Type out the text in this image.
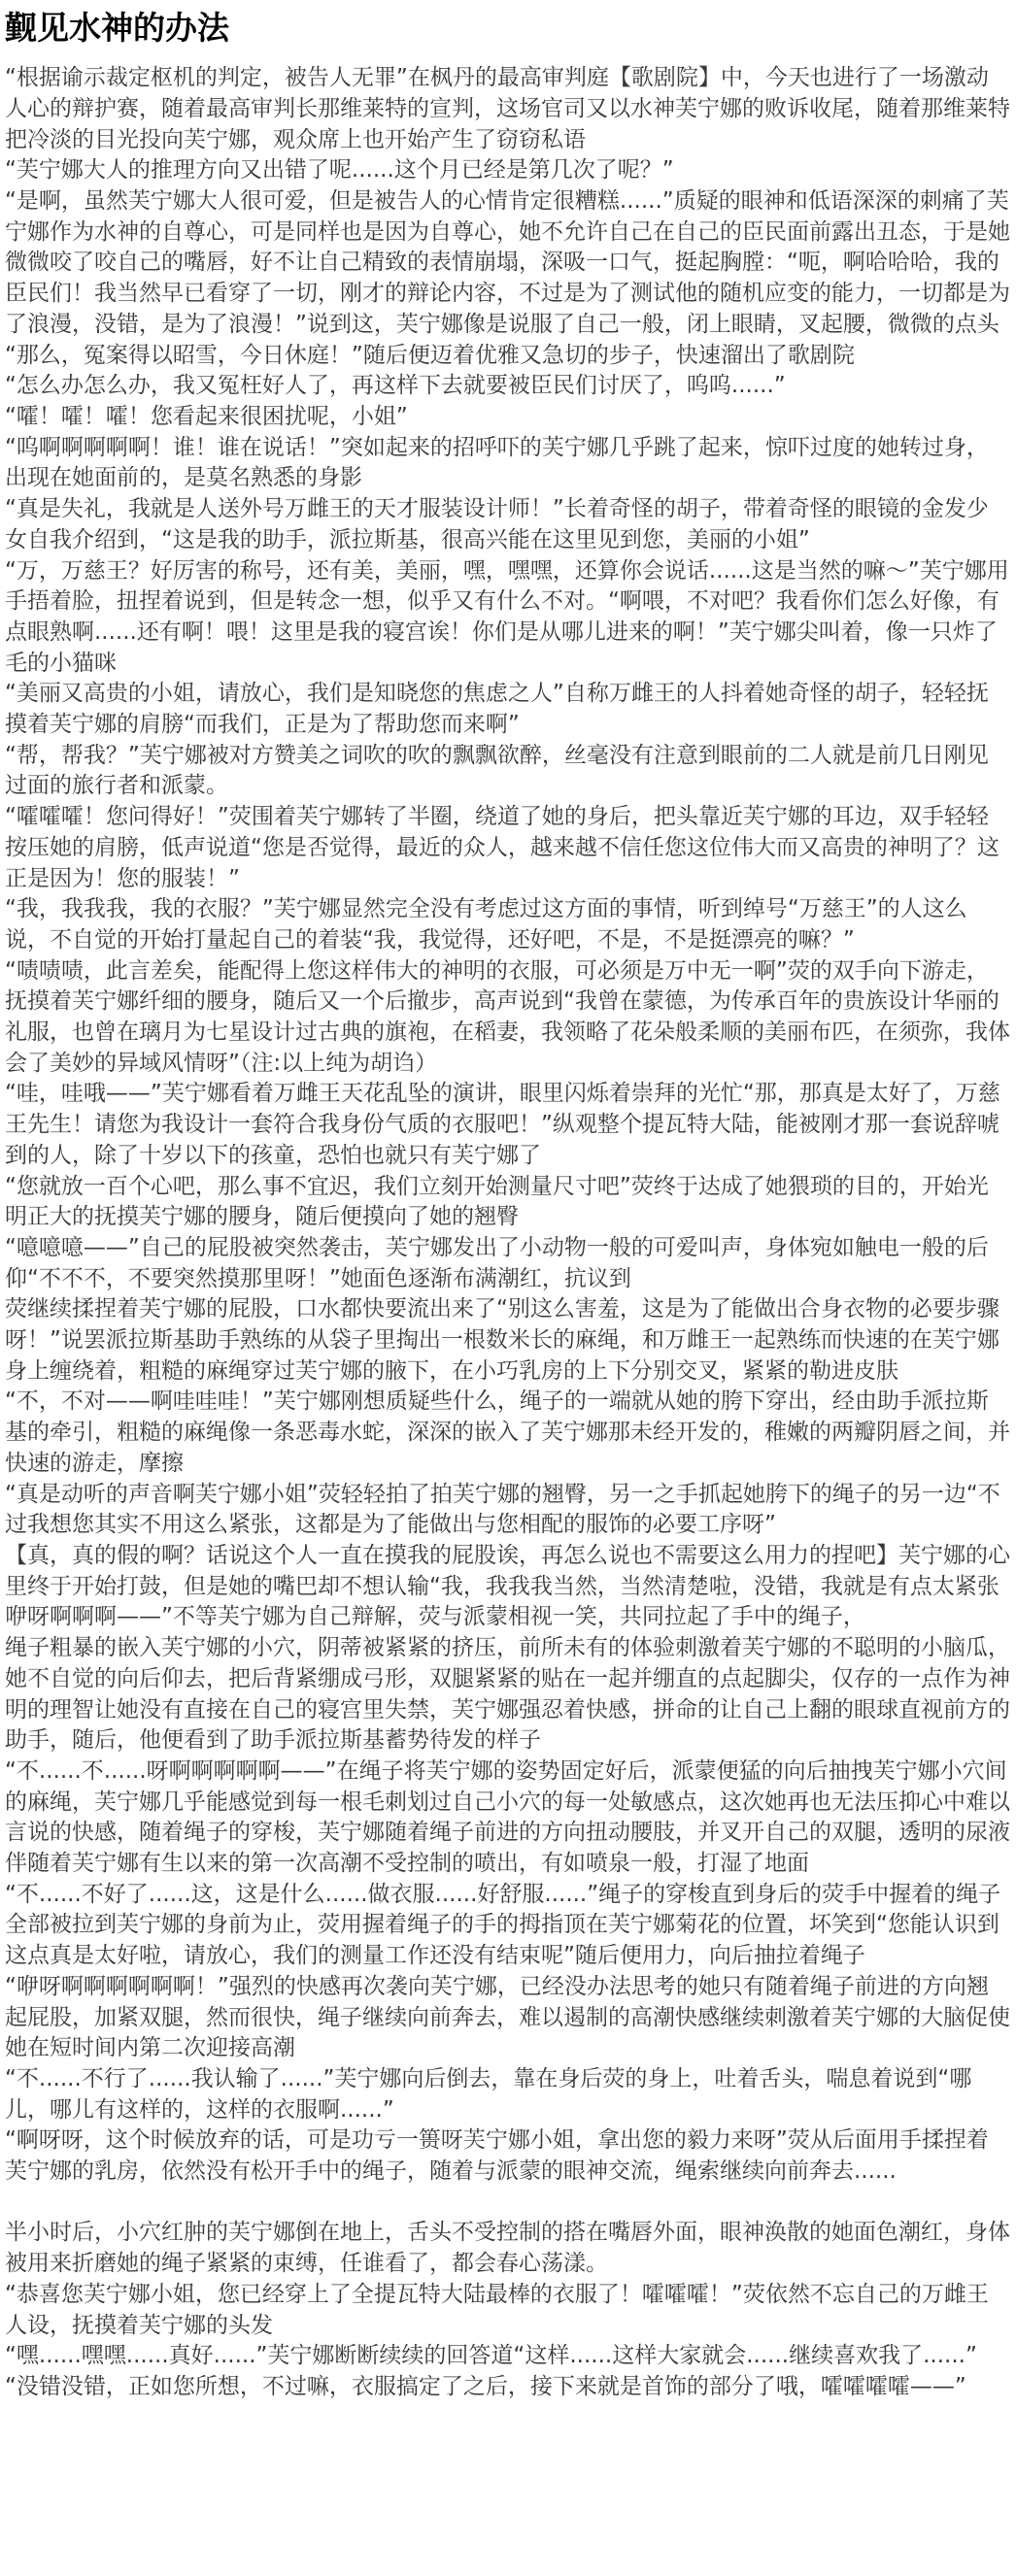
觐见水神的办法

“根据谕示裁定枢机的判定，被告人无罪”在枫丹的最高审判庭【歌剧院】中，今天也进行了一场激动人心的辩护赛，随着最高审判长那维莱特的宣判，这场官司又以水神芙宁娜的败诉收尾，随着那维莱特把冷淡的目光投向芙宁娜，观众席上也开始产生了窃窃私语

“芙宁娜大人的推理方向又出错了呢......这个月已经是第几次了呢？”

“是啊，虽然芙宁娜大人很可爱，但是被告人的心情肯定很糟糕......”质疑的眼神和低语深深的刺痛了芙宁娜作为水神的自尊心，可是同样也是因为自尊心，她不允许自己在自己的臣民面前露出丑态，于是她微微咬了咬自己的嘴唇，好不让自己精致的表情崩塌，深吸一口气，挺起胸膛：“呃，啊哈哈哈，我的臣民们！我当然早已看穿了一切，刚才的辩论内容，不过是为了测试他的随机应变的能力，一切都是为了浪漫，没错，是为了浪漫！”说到这，芙宁娜像是说服了自己一般，闭上眼睛，叉起腰，微微的点头“那么，冤案得以昭雪，今日休庭！”随后便迈着优雅又急切的步子，快速溜出了歌剧院

“怎么办怎么办，我又冤枉好人了，再这样下去就要被臣民们讨厌了，呜呜......”

“嚯！嚯！嚯！您看起来很困扰呢，小姐”

“呜啊啊啊啊啊！谁！谁在说话！”突如起来的招呼吓的芙宁娜几乎跳了起来，惊吓过度的她转过身，出现在她面前的，是莫名熟悉的身影

“真是失礼，我就是人送外号万雌王的天才服装设计师！”长着奇怪的胡子，带着奇怪的眼镜的金发少女自我介绍到，“这是我的助手，派拉斯基，很高兴能在这里见到您，美丽的小姐”

“万，万慈王？好厉害的称号，还有美，美丽，嘿，嘿嘿，还算你会说话......这是当然的嘛～”芙宁娜用手捂着脸，扭捏着说到，但是转念一想，似乎又有什么不对。“啊喂，不对吧？我看你们怎么好像，有点眼熟啊......还有啊！喂！这里是我的寝宫诶！你们是从哪儿进来的啊！”芙宁娜尖叫着，像一只炸了毛的小猫咪

“美丽又高贵的小姐，请放心，我们是知晓您的焦虑之人”自称万雌王的人抖着她奇怪的胡子，轻轻抚摸着芙宁娜的肩膀“而我们，正是为了帮助您而来啊”

“帮，帮我？”芙宁娜被对方赞美之词吹的吹的飘飘欲醉，丝毫没有注意到眼前的二人就是前几日刚见过面的旅行者和派蒙。

“嚯嚯嚯！您问得好！”荧围着芙宁娜转了半圈，绕道了她的身后，把头靠近芙宁娜的耳边，双手轻轻按压她的肩膀，低声说道“您是否觉得，最近的众人，越来越不信任您这位伟大而又高贵的神明了？这正是因为！您的服装！”

“我，我我我，我的衣服？”芙宁娜显然完全没有考虑过这方面的事情，听到绰号“万慈王”的人这么说，不自觉的开始打量起自己的着装“我，我觉得，还好吧，不是，不是挺漂亮的嘛？”

“啧啧啧，此言差矣，能配得上您这样伟大的神明的衣服，可必须是万中无一啊”荧的双手向下游走，抚摸着芙宁娜纤细的腰身，随后又一个后撤步，高声说到“我曾在蒙德，为传承百年的贵族设计华丽的礼服，也曾在璃月为七星设计过古典的旗袍，在稻妻，我领略了花朵般柔顺的美丽布匹，在须弥，我体会了美妙的异域风情呀”（注:以上纯为胡诌）

“哇，哇哦——”芙宁娜看着万雌王天花乱坠的演讲，眼里闪烁着崇拜的光忙“那，那真是太好了，万慈王先生！请您为我设计一套符合我身份气质的衣服吧！”纵观整个提瓦特大陆，能被刚才那一套说辞唬到的人，除了十岁以下的孩童，恐怕也就只有芙宁娜了

“您就放一百个心吧，那么事不宜迟，我们立刻开始测量尺寸吧”荧终于达成了她猥琐的目的，开始光明正大的抚摸芙宁娜的腰身，随后便摸向了她的翘臀

“噫噫噫——”自己的屁股被突然袭击，芙宁娜发出了小动物一般的可爱叫声，身体宛如触电一般的后仰“不不不，不要突然摸那里呀！”她面色逐渐布满潮红，抗议到

荧继续揉捏着芙宁娜的屁股，口水都快要流出来了“别这么害羞，这是为了能做出合身衣物的必要步骤呀！”说罢派拉斯基助手熟练的从袋子里掏出一根数米长的麻绳，和万雌王一起熟练而快速的在芙宁娜身上缠绕着，粗糙的麻绳穿过芙宁娜的腋下，在小巧乳房的上下分别交叉，紧紧的勒进皮肤

“不，不对——啊哇哇哇！”芙宁娜刚想质疑些什么，绳子的一端就从她的胯下穿出，经由助手派拉斯基的牵引，粗糙的麻绳像一条恶毒水蛇，深深的嵌入了芙宁娜那未经开发的，稚嫩的两瓣阴唇之间，并快速的游走，摩擦

“真是动听的声音啊芙宁娜小姐”荧轻轻拍了拍芙宁娜的翘臀，另一之手抓起她胯下的绳子的另一边“不过我想您其实不用这么紧张，这都是为了能做出与您相配的服饰的必要工序呀”

【真，真的假的啊？话说这个人一直在摸我的屁股诶，再怎么说也不需要这么用力的捏吧】芙宁娜的心里终于开始打鼓，但是她的嘴巴却不想认输“我，我我我当然，当然清楚啦，没错，我就是有点太紧张咿呀啊啊啊——”不等芙宁娜为自己辩解，荧与派蒙相视一笑，共同拉起了手中的绳子，

绳子粗暴的嵌入芙宁娜的小穴，阴蒂被紧紧的挤压，前所未有的体验刺激着芙宁娜的不聪明的小脑瓜，她不自觉的向后仰去，把后背紧绷成弓形，双腿紧紧的贴在一起并绷直的点起脚尖，仅存的一点作为神明的理智让她没有直接在自己的寝宫里失禁，芙宁娜强忍着快感，拼命的让自己上翻的眼球直视前方的助手，随后，他便看到了助手派拉斯基蓄势待发的样子

“不......不......呀啊啊啊啊啊——”在绳子将芙宁娜的姿势固定好后，派蒙便猛的向后抽拽芙宁娜小穴间的麻绳，芙宁娜几乎能感觉到每一根毛刺划过自己小穴的每一处敏感点，这次她再也无法压抑心中难以言说的快感，随着绳子的穿梭，芙宁娜随着绳子前进的方向扭动腰肢，并叉开自己的双腿，透明的尿液伴随着芙宁娜有生以来的第一次高潮不受控制的喷出，有如喷泉一般，打湿了地面

“不......不好了......这，这是什么......做衣服......好舒服......”绳子的穿梭直到身后的荧手中握着的绳子全部被拉到芙宁娜的身前为止，荧用握着绳子的手的拇指顶在芙宁娜菊花的位置，坏笑到“您能认识到这点真是太好啦，请放心，我们的测量工作还没有结束呢”随后便用力，向后抽拉着绳子

“咿呀啊啊啊啊啊啊！”强烈的快感再次袭向芙宁娜，已经没办法思考的她只有随着绳子前进的方向翘起屁股，加紧双腿，然而很快，绳子继续向前奔去，难以遏制的高潮快感继续刺激着芙宁娜的大脑促使她在短时间内第二次迎接高潮

“不......不行了......我认输了......”芙宁娜向后倒去，靠在身后荧的身上，吐着舌头，喘息着说到“哪儿，哪儿有这样的，这样的衣服啊......”

“啊呀呀，这个时候放弃的话，可是功亏一篑呀芙宁娜小姐，拿出您的毅力来呀”荧从后面用手揉捏着芙宁娜的乳房，依然没有松开手中的绳子，随着与派蒙的眼神交流，绳索继续向前奔去......

半小时后，小穴红肿的芙宁娜倒在地上，舌头不受控制的搭在嘴唇外面，眼神涣散的她面色潮红，身体被用来折磨她的绳子紧紧的束缚，任谁看了，都会春心荡漾。

“恭喜您芙宁娜小姐，您已经穿上了全提瓦特大陆最棒的衣服了！嚯嚯嚯！”荧依然不忘自己的万雌王人设，抚摸着芙宁娜的头发

“嘿......嘿嘿......真好......”芙宁娜断断续续的回答道“这样......这样大家就会......继续喜欢我了......”

“没错没错，正如您所想，不过嘛，衣服搞定了之后，接下来就是首饰的部分了哦，嚯嚯嚯嚯——”
